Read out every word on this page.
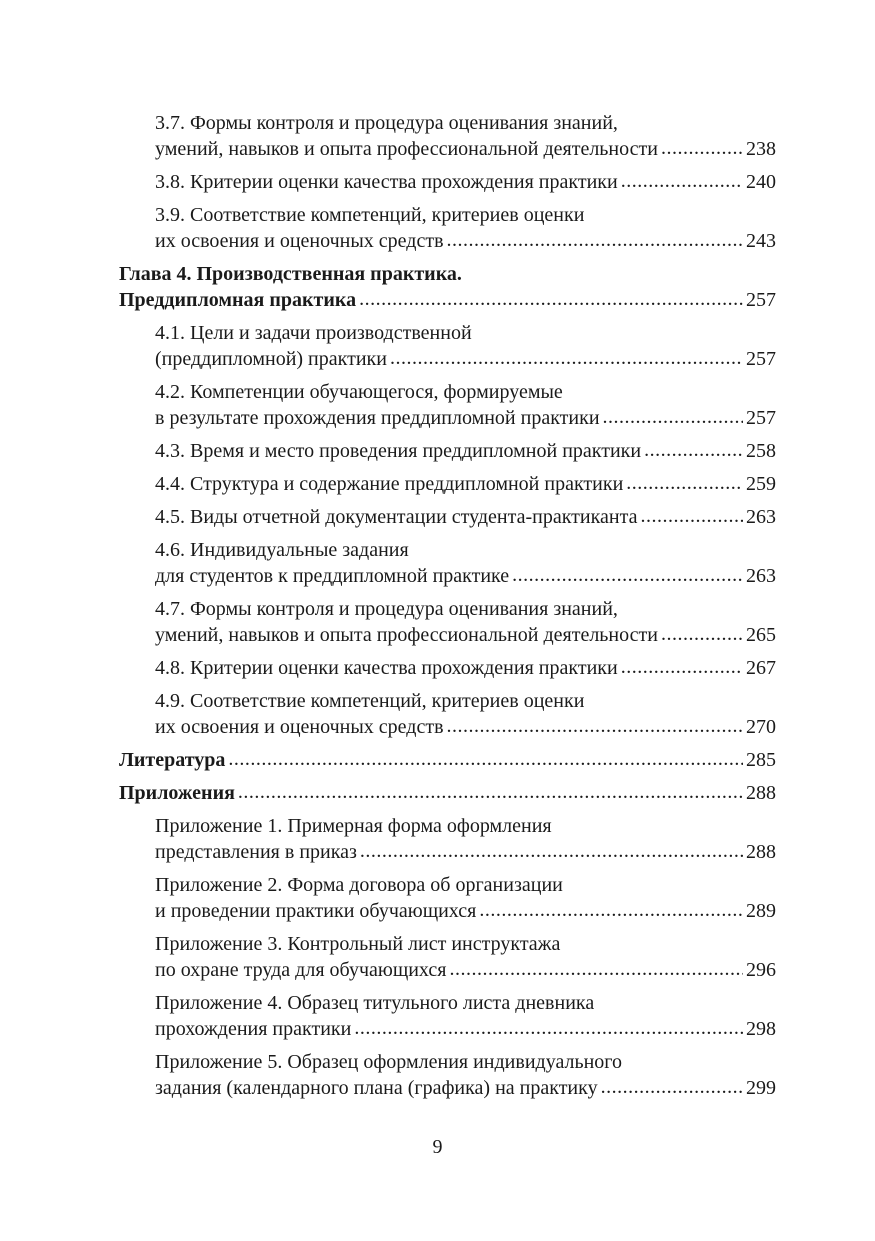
3.7. Формы контроля и процедура оценивания знаний,
умений, навыков и опыта профессиональной деятельности .....	238
3.8. Критерии оценки качества прохождения практики .....	240
3.9. Соответствие компетенций, критериев оценки
их освоения и оценочных средств .....	243
Глава 4. Производственная практика.
Преддипломная практика .....	257
4.1. Цели и задачи производственной
(преддипломной) практики .....	257
4.2. Компетенции обучающегося, формируемые
в результате прохождения преддипломной практики .....	257
4.3. Время и место проведения преддипломной практики .....	258
4.4. Структура и содержание преддипломной практики .....	259
4.5. Виды отчетной документации студента-практиканта .....	263
4.6. Индивидуальные задания
для студентов к преддипломной практике .....	263
4.7. Формы контроля и процедура оценивания знаний,
умений, навыков и опыта профессиональной деятельности .....	265
4.8. Критерии оценки качества прохождения практики .....	267
4.9. Соответствие компетенций, критериев оценки
их освоения и оценочных средств .....	270
Литература .....	285
Приложения .....	288
Приложение 1. Примерная форма оформления
представления в приказ .....	288
Приложение 2. Форма договора об организации
и проведении практики обучающихся .....	289
Приложение 3. Контрольный лист инструктажа
по охране труда для обучающихся .....	296
Приложение 4. Образец титульного листа дневника
прохождения практики .....	298
Приложение 5. Образец оформления индивидуального
задания (календарного плана (графика) на практику .....	299
9
